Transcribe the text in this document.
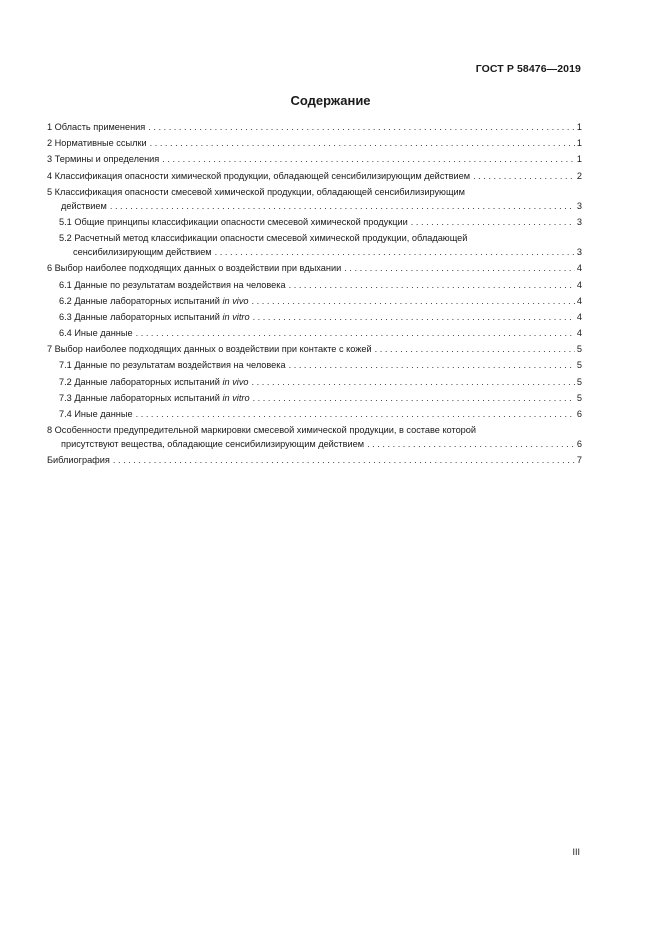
ГОСТ Р 58476—2019
Содержание
1 Область применения . . .	1
2 Нормативные ссылки . . .	1
3 Термины и определения . . .	1
4 Классификация опасности химической продукции, обладающей сенсибилизирующим действием . . .	2
5 Классификация опасности смесевой химической продукции, обладающей сенсибилизирующим
действием . . .	3
5.1 Общие принципы классификации опасности смесевой химической продукции . . .	3
5.2 Расчетный метод классификации опасности смесевой химической продукции, обладающей
сенсибилизирующим действием . . .	3
6 Выбор наиболее подходящих данных о воздействии при вдыхании . . .	4
6.1 Данные по результатам воздействия на человека . . .	4
6.2 Данные лабораторных испытаний in vivo . . .	4
6.3 Данные лабораторных испытаний in vitro . . .	4
6.4 Иные данные . . .	4
7 Выбор наиболее подходящих данных о воздействии при контакте с кожей . . .	5
7.1 Данные по результатам воздействия на человека . . .	5
7.2 Данные лабораторных испытаний in vivo . . .	5
7.3 Данные лабораторных испытаний in vitro . . .	5
7.4 Иные данные . . .	6
8 Особенности предупредительной маркировки смесевой химической продукции, в составе которой
присутствуют вещества, обладающие сенсибилизирующим действием . . .	6
Библиография . . .	7
III
